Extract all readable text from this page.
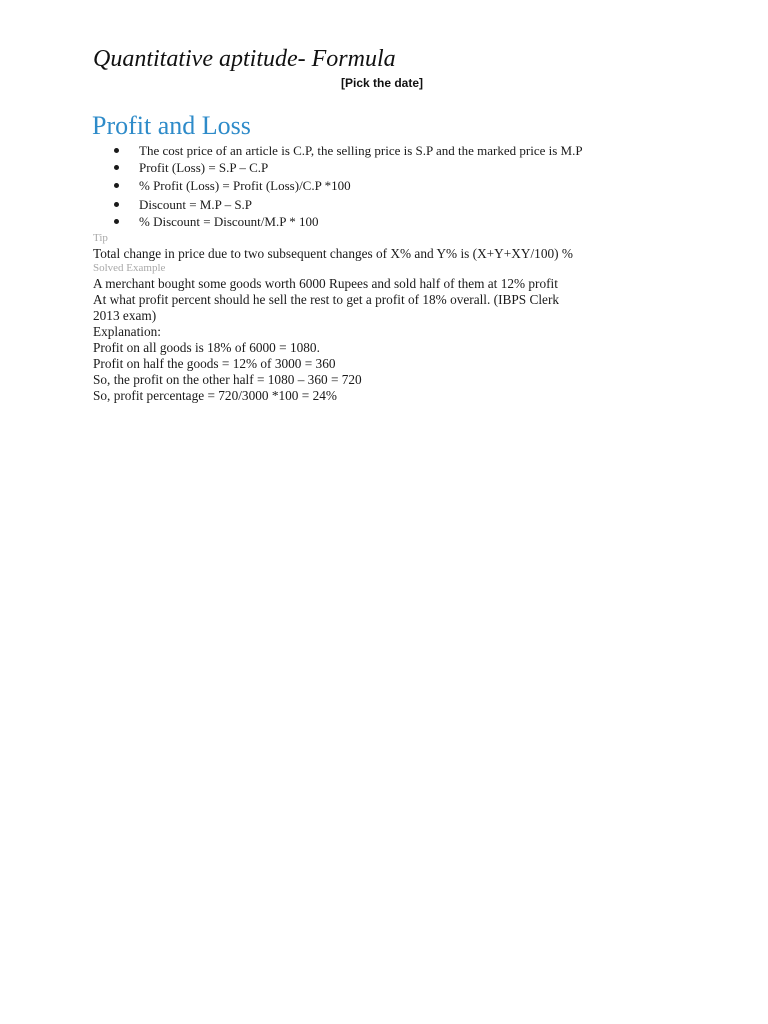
Quantitative aptitude- Formula
[Pick the date]
Profit and Loss
The cost price of an article is C.P, the selling price is S.P and the marked price is M.P
Profit (Loss) = S.P – C.P
% Profit (Loss) = Profit (Loss)/C.P *100
Discount = M.P – S.P
% Discount = Discount/M.P * 100
Tip
Total change in price due to two subsequent changes of X% and Y% is (X+Y+XY/100) %
Solved Example
A merchant bought some goods worth 6000 Rupees and sold half of them at 12% profit
At what profit percent should he sell the rest to get a profit of 18% overall. (IBPS Clerk
2013 exam)
Explanation:
Profit on all goods is 18% of 6000 = 1080.
Profit on half the goods = 12% of 3000 = 360
So, the profit on the other half = 1080 – 360 = 720
So, profit percentage = 720/3000 *100 = 24%
